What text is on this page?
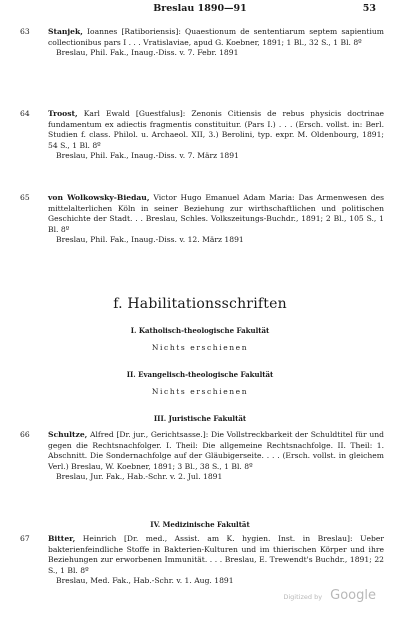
Breslau 1890—91	53
63 Stanjek, Ioannes [Ratiboriensis]: Quaestionum de sententiarum septem sapientium collectionibus pars I . . . Vratislaviae, apud G. Koebner, 1891; 1 Bl., 32 S., 1 Bl. 8º
Breslau, Phil. Fak., Inaug.-Diss. v. 7. Febr. 1891
64 Troost, Karl Ewald [Guestfalus]: Zenonis Citiensis de rebus physicis doctrinae fundamentum ex adiectis fragmentis constituitur. (Pars I.) . . . (Ersch. vollst. in: Berl. Studien f. class. Philol. u. Archaeol. XII, 3.) Berolini, typ. expr. M. Oldenbourg, 1891; 54 S., 1 Bl. 8º
Breslau, Phil. Fak., Inaug.-Diss. v. 7. März 1891
65 von Wolkowsky-Biedau, Victor Hugo Emanuel Adam Maria: Das Armenwesen des mittelalterlichen Köln in seiner Beziehung zur wirthschaftlichen und politischen Geschichte der Stadt. . . Breslau, Schles. Volkszeitungs-Buchdr., 1891; 2 Bl., 105 S., 1 Bl. 8º
Breslau, Phil. Fak., Inaug.-Diss. v. 12. März 1891
f. Habilitationsschriften
I. Katholisch-theologische Fakultät
Nichts erschienen
II. Evangelisch-theologische Fakultät
Nichts erschienen
III. Juristische Fakultät
66 Schultze, Alfred [Dr. jur., Gerichtsasse.]: Die Vollstreckbarkeit der Schuldtitel für und gegen die Rechtsnachfolger. I. Theil: Die allgemeine Rechtsnachfolge. II. Theil: 1. Abschnitt. Die Sondernachfolge auf der Gläubigerseite. . . . (Ersch. vollst. in gleichem Verl.) Breslau, W. Koebner, 1891; 3 Bl., 38 S., 1 Bl. 8º
Breslau, Jur. Fak., Hab.-Schr. v. 2. Jul. 1891
IV. Medizinische Fakultät
67 Bitter, Heinrich [Dr. med., Assist. am K. hygien. Inst. in Breslau]: Ueber bakterienfeindliche Stoffe in Bakterien-Kulturen und im thierischen Körper und ihre Beziehungen zur erworbenen Immunität. . . . Breslau, E. Trewendt's Buchdr., 1891; 22 S., 1 Bl. 8º
Breslau, Med. Fak., Hab.-Schr. v. 1. Aug. 1891
Digitized by Google
